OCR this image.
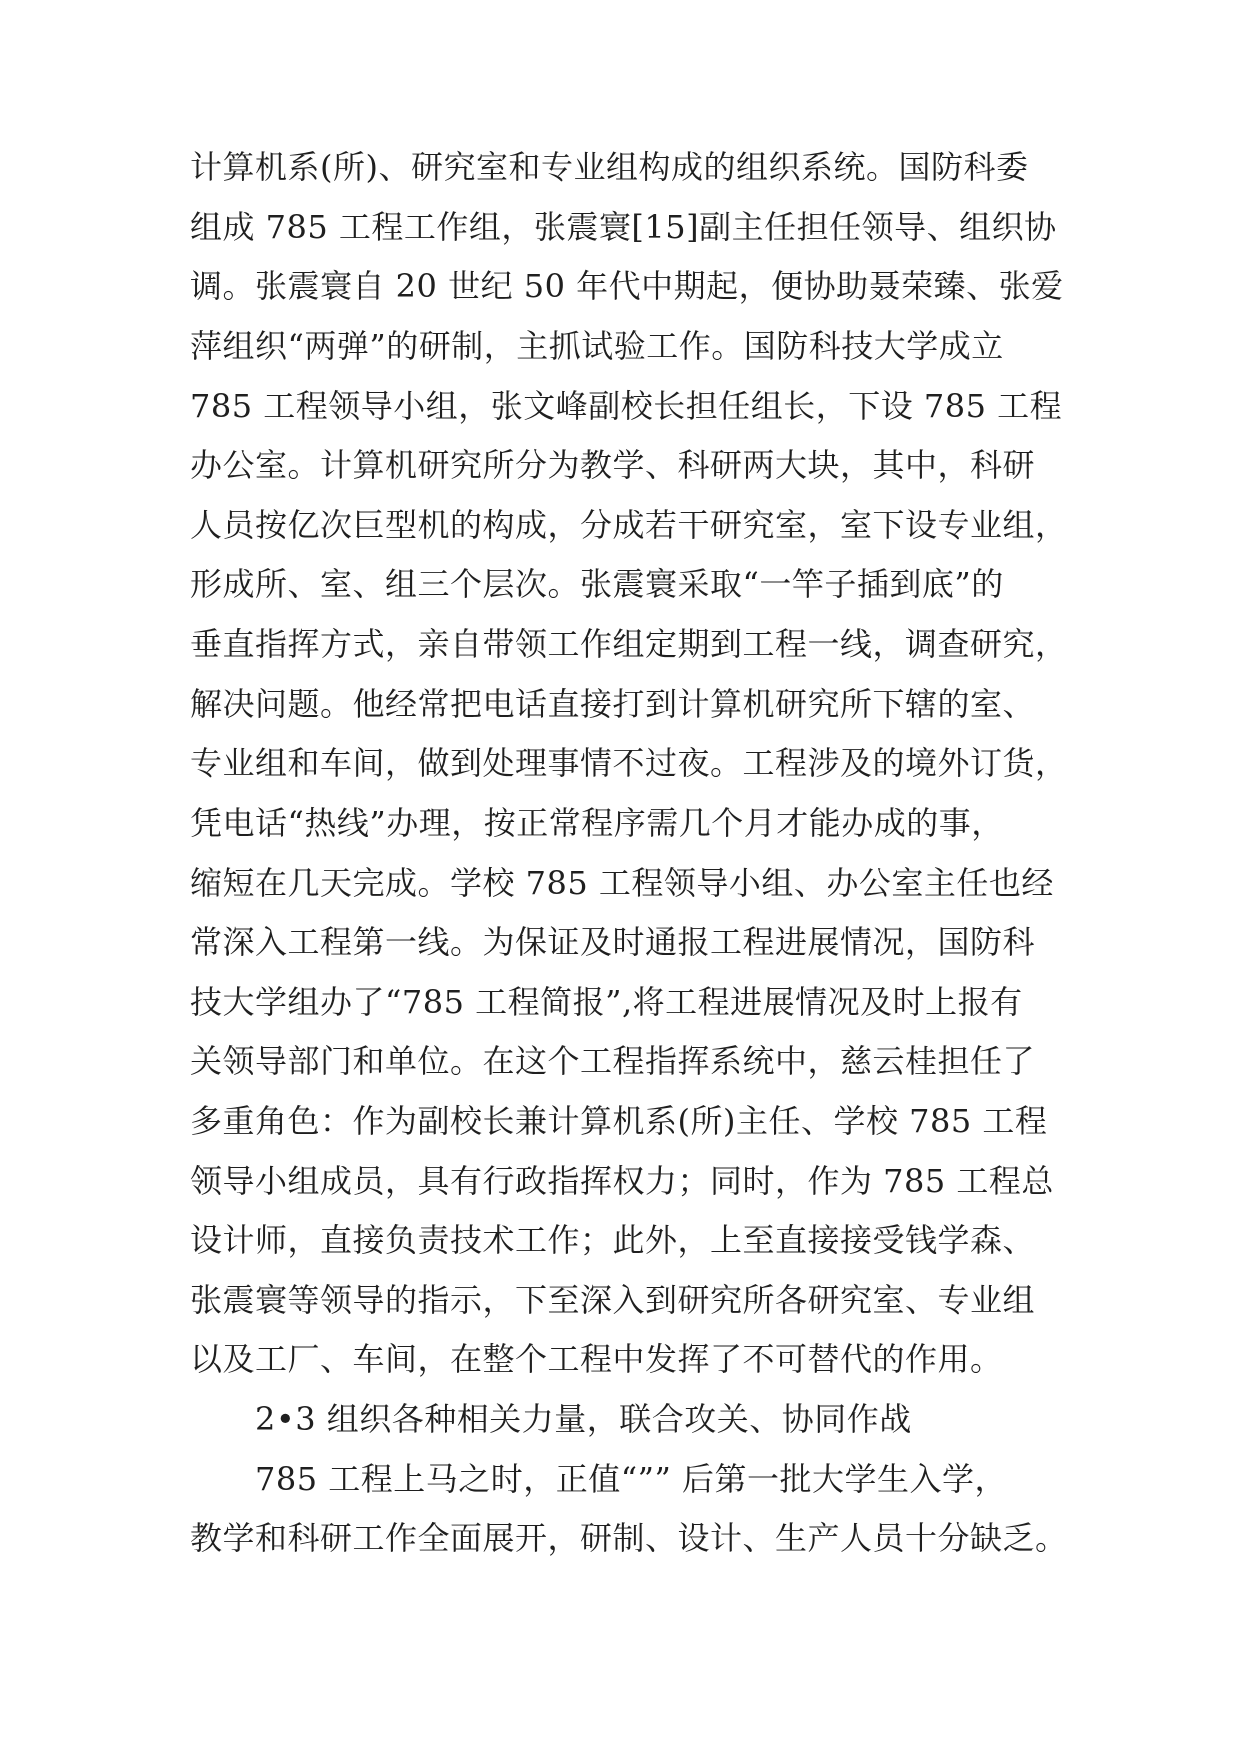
计算机系(所)、研究室和专业组构成的组织系统。国防科委
组成 785 工程工作组，张震寰[15]副主任担任领导、组织协
调。张震寰自 20 世纪 50 年代中期起，便协助聂荣臻、张爱
萍组织“两弹”的研制，主抓试验工作。国防科技大学成立
785 工程领导小组，张文峰副校长担任组长，下设 785 工程
办公室。计算机研究所分为教学、科研两大块，其中，科研
人员按亿次巨型机的构成，分成若干研究室，室下设专业组，
形成所、室、组三个层次。张震寰采取“一竿子插到底”的
垂直指挥方式，亲自带领工作组定期到工程一线，调查研究，
解决问题。他经常把电话直接打到计算机研究所下辖的室、
专业组和车间，做到处理事情不过夜。工程涉及的境外订货，
凭电话“热线”办理，按正常程序需几个月才能办成的事，
缩短在几天完成。学校 785 工程领导小组、办公室主任也经
常深入工程第一线。为保证及时通报工程进展情况，国防科
技大学组办了“785 工程简报”,将工程进展情况及时上报有
关领导部门和单位。在这个工程指挥系统中，慈云桂担任了
多重角色：作为副校长兼计算机系(所)主任、学校 785 工程
领导小组成员，具有行政指挥权力；同时，作为 785 工程总
设计师，直接负责技术工作；此外，上至直接接受钱学森、
张震寰等领导的指示，下至深入到研究所各研究室、专业组
以及工厂、车间，在整个工程中发挥了不可替代的作用。
2•3 组织各种相关力量，联合攻关、协同作战
785 工程上马之时，正值“”” 后第一批大学生入学，
教学和科研工作全面展开，研制、设计、生产人员十分缺乏。
